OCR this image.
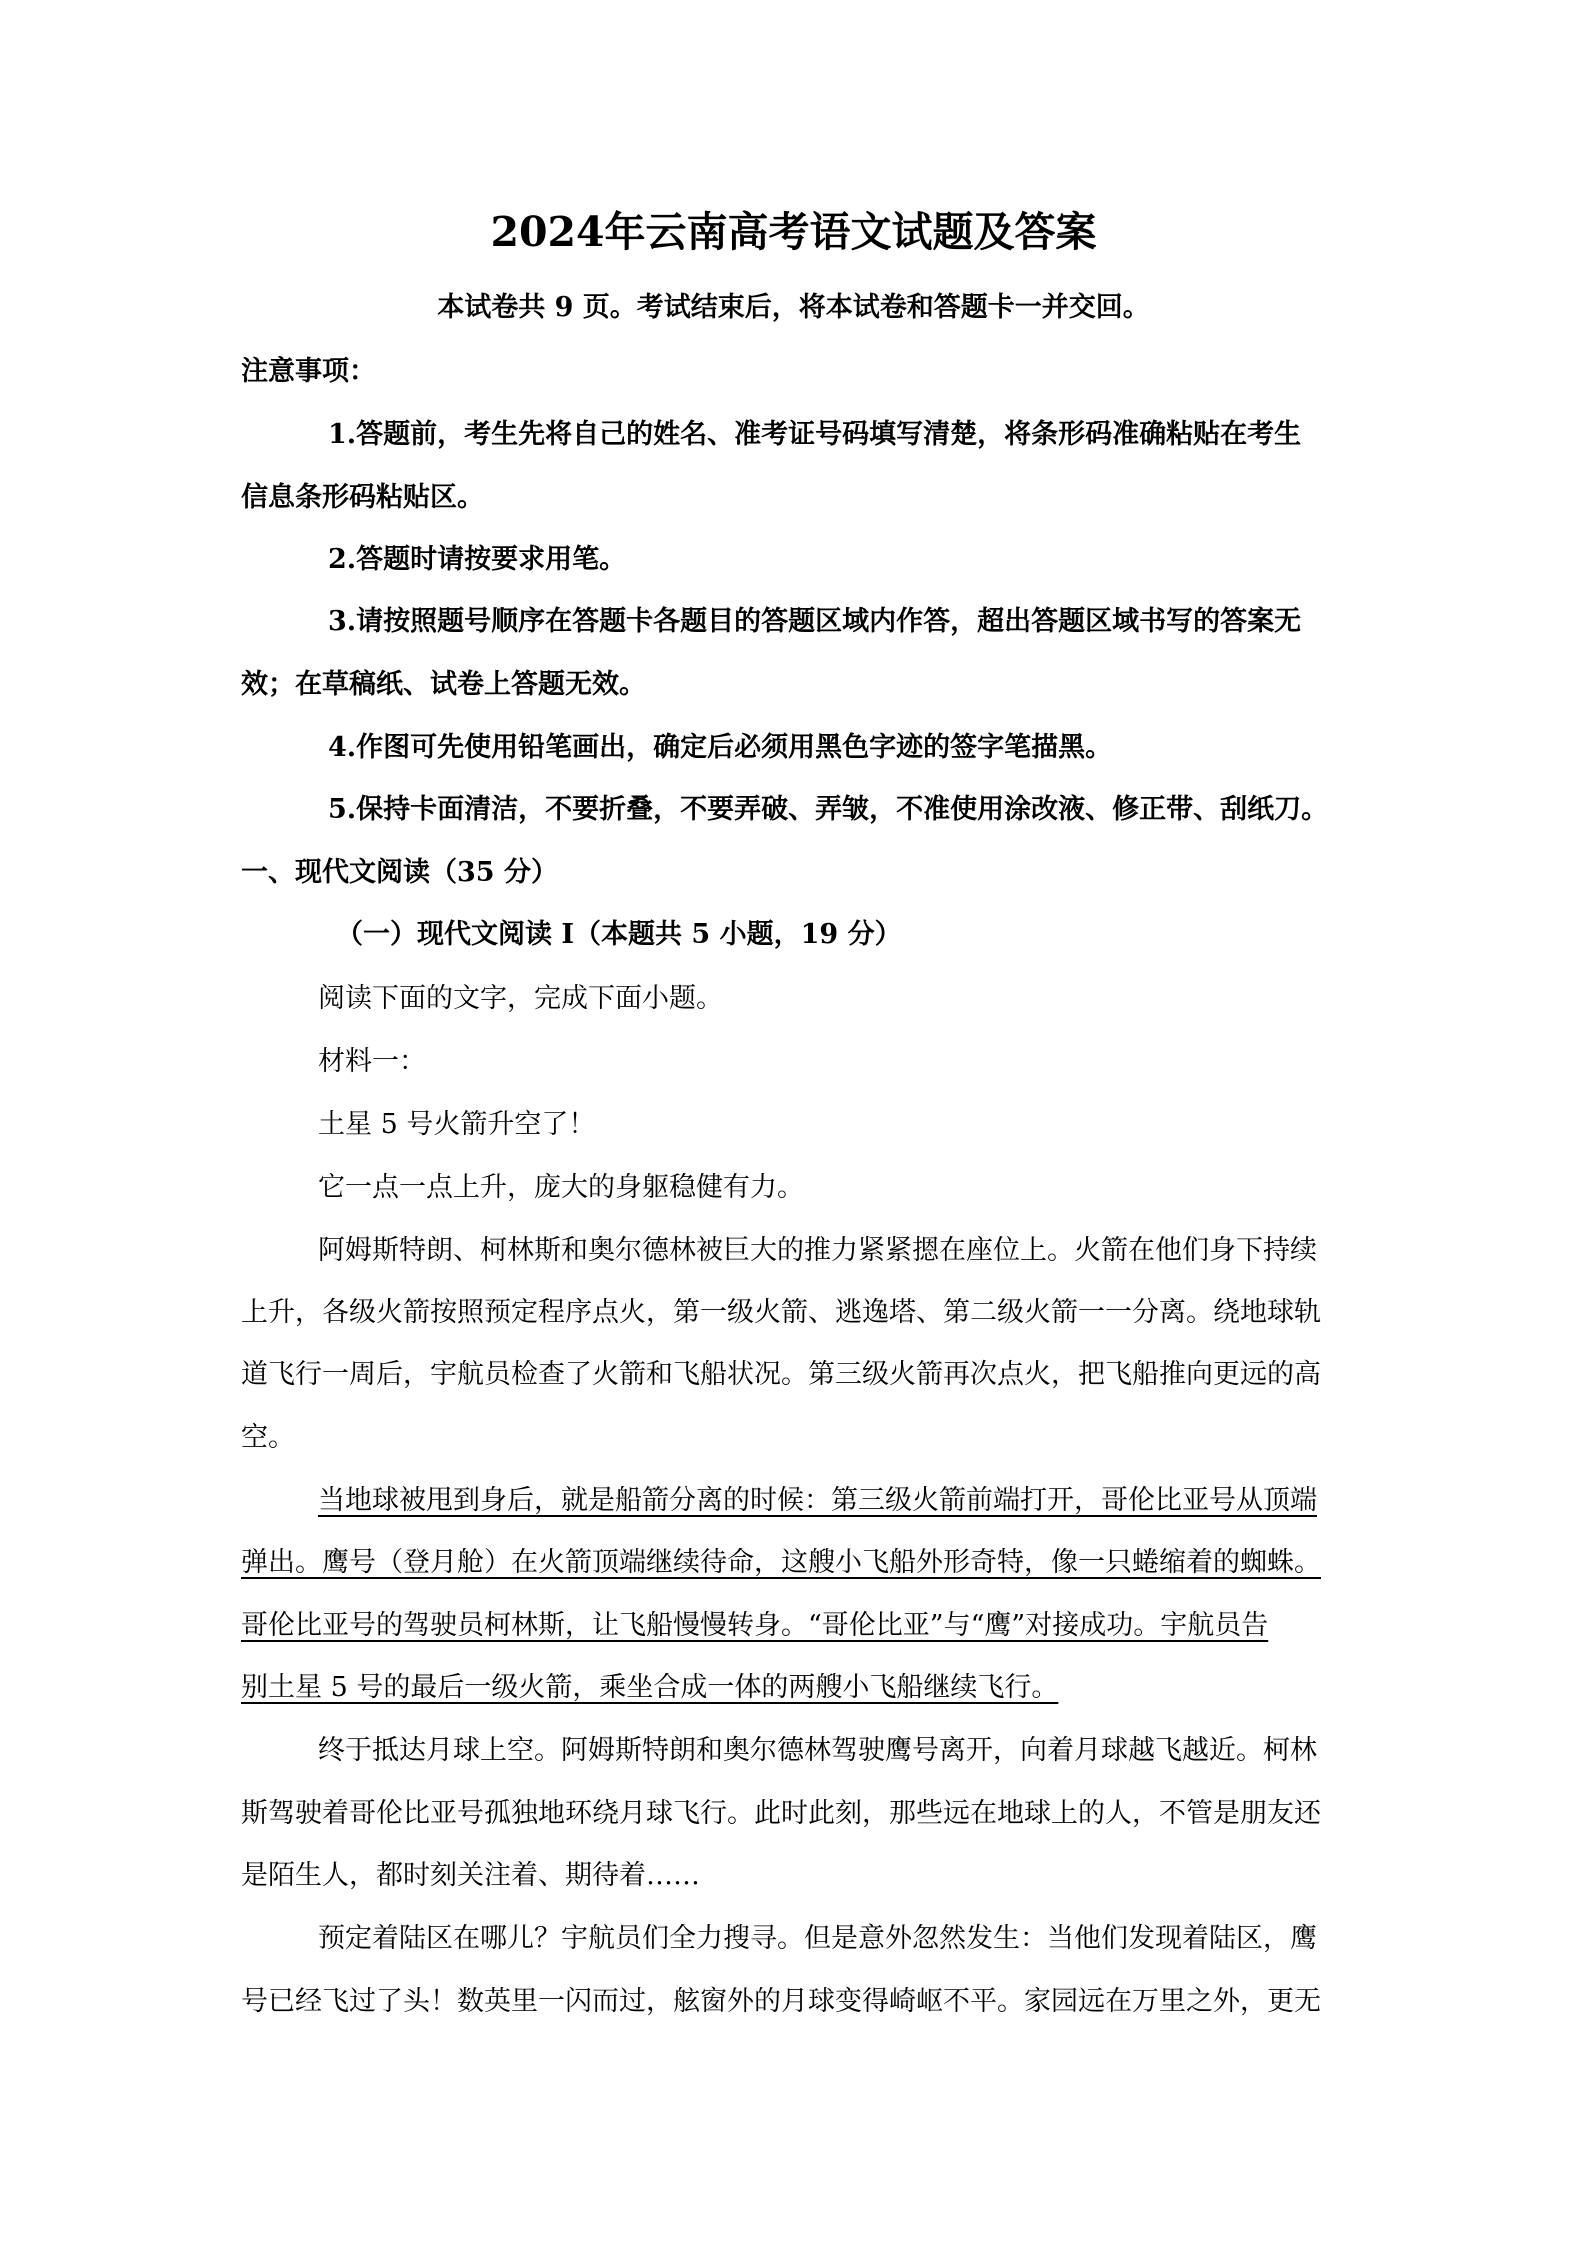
2024年云南高考语文试题及答案

本试卷共 9 页。考试结束后，将本试卷和答题卡一并交回。

注意事项：

1.答题前，考生先将自己的姓名、准考证号码填写清楚，将条形码准确粘贴在考生

信息条形码粘贴区。

2.答题时请按要求用笔。

3.请按照题号顺序在答题卡各题目的答题区域内作答，超出答题区域书写的答案无

效；在草稿纸、试卷上答题无效。

4.作图可先使用铅笔画出，确定后必须用黑色字迹的签字笔描黑。

5.保持卡面清洁，不要折叠，不要弄破、弄皱，不准使用涂改液、修正带、刮纸刀。

一、现代文阅读（35 分）

（一）现代文阅读 I（本题共 5 小题，19 分）

阅读下面的文字，完成下面小题。

材料一：

土星 5 号火箭升空了！

它一点一点上升，庞大的身躯稳健有力。

阿姆斯特朗、柯林斯和奥尔德林被巨大的推力紧紧摁在座位上。火箭在他们身下持续

上升，各级火箭按照预定程序点火，第一级火箭、逃逸塔、第二级火箭一一分离。绕地球轨

道飞行一周后，宇航员检查了火箭和飞船状况。第三级火箭再次点火，把飞船推向更远的高

空。

当地球被甩到身后，就是船箭分离的时候：第三级火箭前端打开，哥伦比亚号从顶端

弹出。鹰号（登月舱）在火箭顶端继续待命，这艘小飞船外形奇特，像一只蜷缩着的蜘蛛。

哥伦比亚号的驾驶员柯林斯，让飞船慢慢转身。“哥伦比亚”与“鹰”对接成功。宇航员告

别土星 5 号的最后一级火箭，乘坐合成一体的两艘小飞船继续飞行。

终于抵达月球上空。阿姆斯特朗和奥尔德林驾驶鹰号离开，向着月球越飞越近。柯林

斯驾驶着哥伦比亚号孤独地环绕月球飞行。此时此刻，那些远在地球上的人，不管是朋友还

是陌生人，都时刻关注着、期待着……

预定着陆区在哪儿？宇航员们全力搜寻。但是意外忽然发生：当他们发现着陆区，鹰

号已经飞过了头！数英里一闪而过，舷窗外的月球变得崎岖不平。家园远在万里之外，更无
